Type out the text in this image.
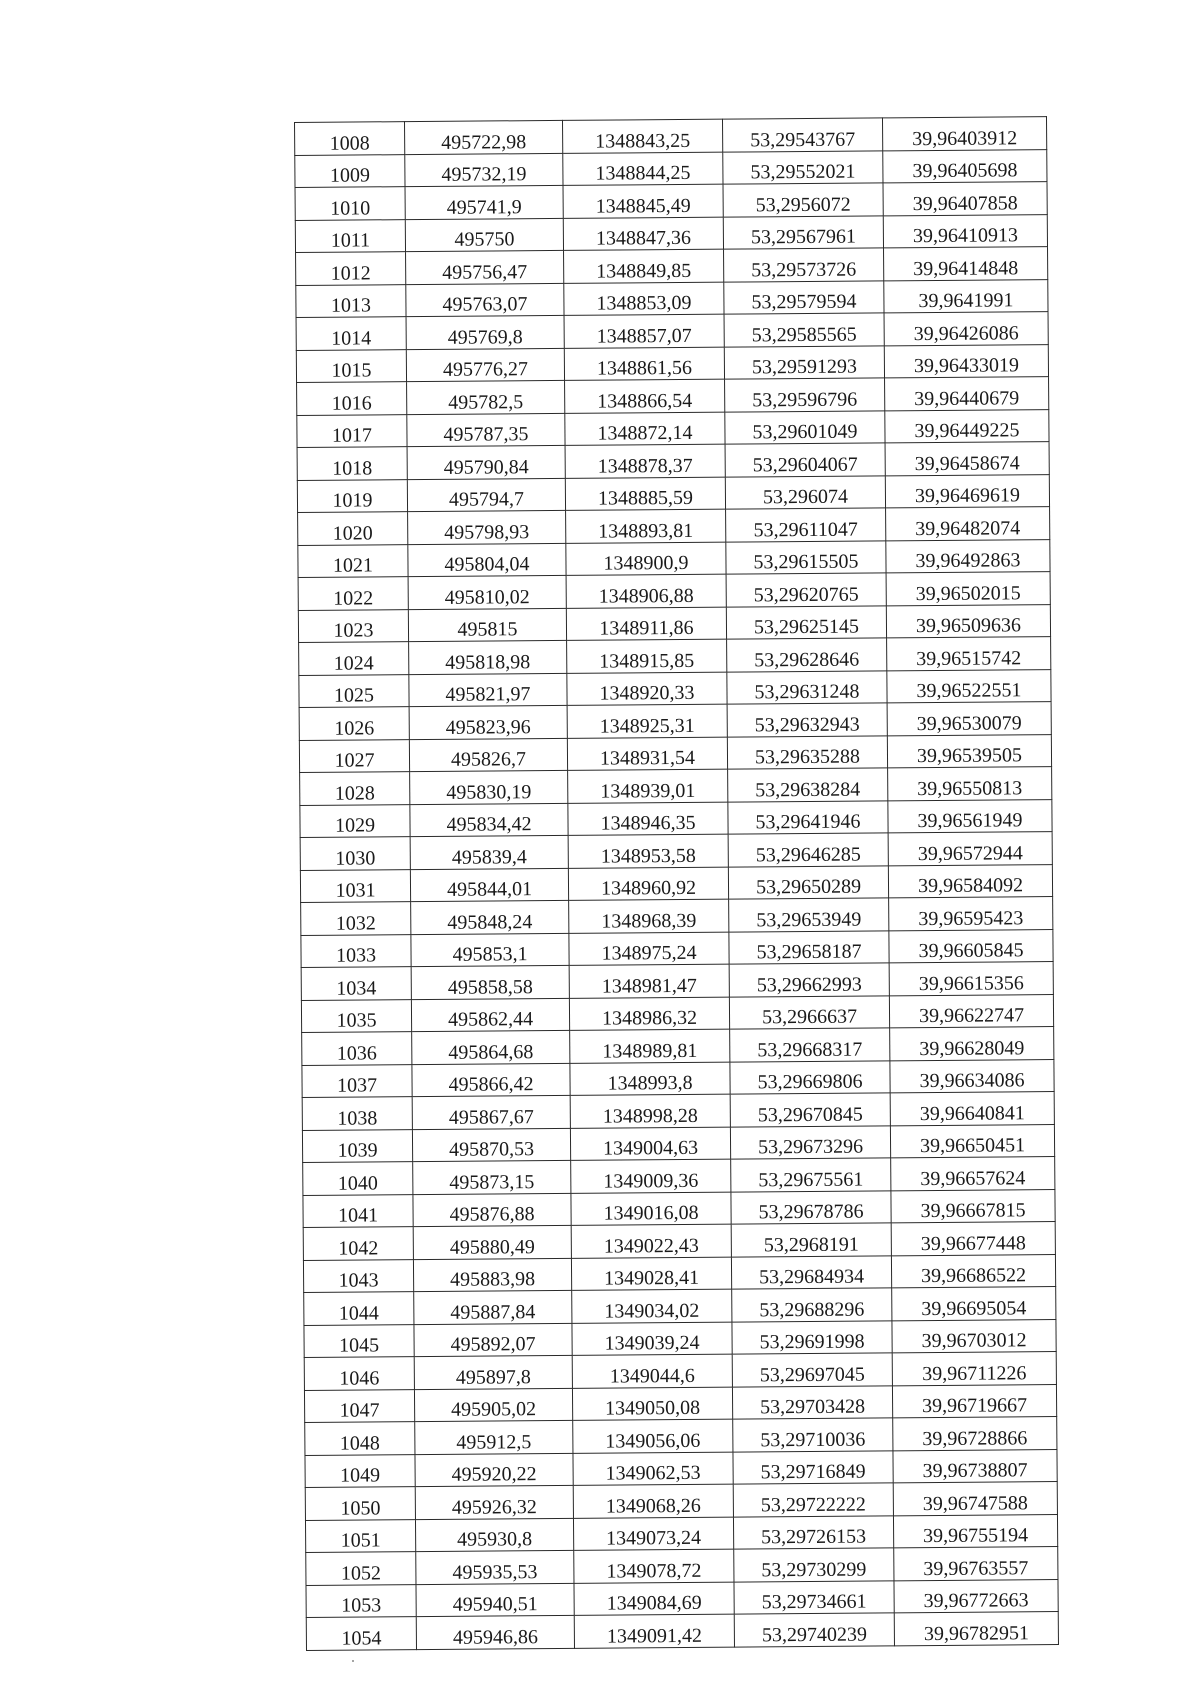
1008	495722,98	1348843,25	53,29543767	39,96403912
1009	495732,19	1348844,25	53,29552021	39,96405698
1010	495741,9	1348845,49	53,2956072	39,96407858
1011	495750	1348847,36	53,29567961	39,96410913
1012	495756,47	1348849,85	53,29573726	39,96414848
1013	495763,07	1348853,09	53,29579594	39,9641991
1014	495769,8	1348857,07	53,29585565	39,96426086
1015	495776,27	1348861,56	53,29591293	39,96433019
1016	495782,5	1348866,54	53,29596796	39,96440679
1017	495787,35	1348872,14	53,29601049	39,96449225
1018	495790,84	1348878,37	53,29604067	39,96458674
1019	495794,7	1348885,59	53,296074	39,96469619
1020	495798,93	1348893,81	53,29611047	39,96482074
1021	495804,04	1348900,9	53,29615505	39,96492863
1022	495810,02	1348906,88	53,29620765	39,96502015
1023	495815	1348911,86	53,29625145	39,96509636
1024	495818,98	1348915,85	53,29628646	39,96515742
1025	495821,97	1348920,33	53,29631248	39,96522551
1026	495823,96	1348925,31	53,29632943	39,96530079
1027	495826,7	1348931,54	53,29635288	39,96539505
1028	495830,19	1348939,01	53,29638284	39,96550813
1029	495834,42	1348946,35	53,29641946	39,96561949
1030	495839,4	1348953,58	53,29646285	39,96572944
1031	495844,01	1348960,92	53,29650289	39,96584092
1032	495848,24	1348968,39	53,29653949	39,96595423
1033	495853,1	1348975,24	53,29658187	39,96605845
1034	495858,58	1348981,47	53,29662993	39,96615356
1035	495862,44	1348986,32	53,2966637	39,96622747
1036	495864,68	1348989,81	53,29668317	39,96628049
1037	495866,42	1348993,8	53,29669806	39,96634086
1038	495867,67	1348998,28	53,29670845	39,96640841
1039	495870,53	1349004,63	53,29673296	39,96650451
1040	495873,15	1349009,36	53,29675561	39,96657624
1041	495876,88	1349016,08	53,29678786	39,96667815
1042	495880,49	1349022,43	53,2968191	39,96677448
1043	495883,98	1349028,41	53,29684934	39,96686522
1044	495887,84	1349034,02	53,29688296	39,96695054
1045	495892,07	1349039,24	53,29691998	39,96703012
1046	495897,8	1349044,6	53,29697045	39,96711226
1047	495905,02	1349050,08	53,29703428	39,96719667
1048	495912,5	1349056,06	53,29710036	39,96728866
1049	495920,22	1349062,53	53,29716849	39,96738807
1050	495926,32	1349068,26	53,29722222	39,96747588
1051	495930,8	1349073,24	53,29726153	39,96755194
1052	495935,53	1349078,72	53,29730299	39,96763557
1053	495940,51	1349084,69	53,29734661	39,96772663
1054	495946,86	1349091,42	53,29740239	39,96782951
